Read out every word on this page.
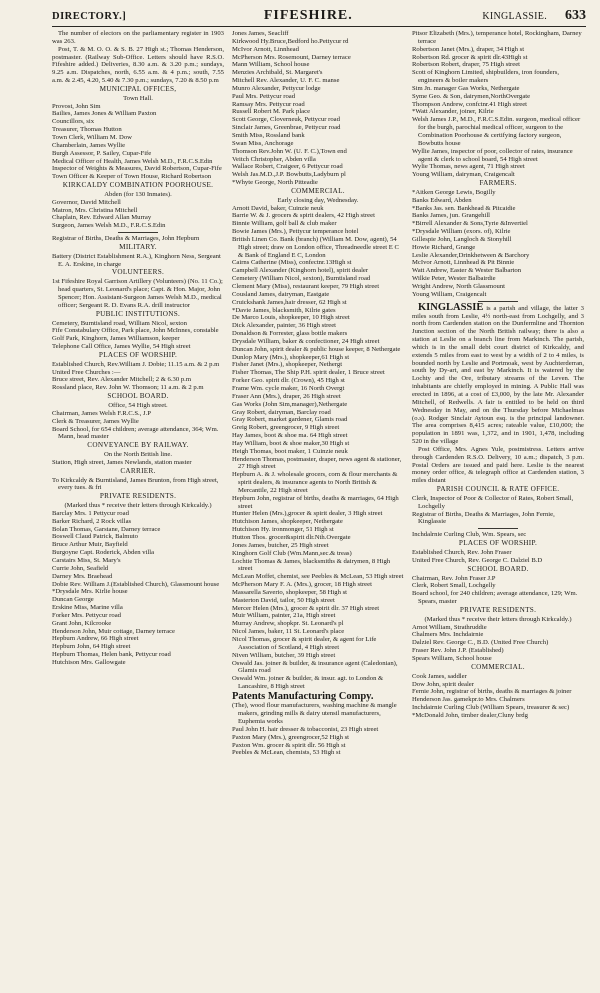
DIRECTORY.]	FIFESHIRE.	KINGLASSIE. 633

The number of electors on the parliamentary register in 1903 was 263.

Post, T. & M. O. O. & S. B. 27 High st.; Thomas Henderson, postmaster. (Railway Sub-Office. Letters should have R.S.O. Fifeshire added.) Deliveries, 8.30 a.m. & 3.20 p.m.; sundays, 9.25 a.m. Dispatches, north, 6.55 a.m. & 4 p.m.; south, 7.55 a.m. & 2.45, 4.20, 5.40 & 7.30 p.m.; sundays, 7.20 & 8.50 p.m

MUNICIPAL OFFICES,

Town Hall.

Provost, John Sim

Bailies, James Jones & William Paxton

Councillors, six

Treasurer, Thomas Hutton

Town Clerk, William M. Dow

Chamberlain, James Wyllie

Burgh Assessor, P. Sailey, Cupar-Fife

Medical Officer of Health, James Welsh M.D., F.R.C.S.Edin

Inspector of Weights & Measures, David Robertson, Cupar-Fife

Town Officer & Keeper of Town House, Richard Robertson

KIRKCALDY COMBINATION POORHOUSE.

Abden (for 130 Inmates).

Governor, David Mitchell

Matron, Mrs. Christina Mitchell

Chaplain, Rev. Edward Allan Murray

Surgeon, James Welsh M.D., F.R.C.S.Edin

Registrar of Births, Deaths & Marriages, John Hepburn

MILITARY.

Battery (District Establishment R.A.), Kinghorn Ness, Sergeant E. A. Erskine, in charge

VOLUNTEERS.

1st Fifeshire Royal Garrison Artillery (Volunteers) (No. 11 Co.); head quarters, St. Leonard's place; Capt. & Hon. Major, John Spencer; Hon. Assistant-Surgeon James Welsh M.D., medical officer; Sergeant R. D. Evans R.A. drill instructor

PUBLIC INSTITUTIONS.

Cemetery, Burntisland road, William Nicol, sexton

Fife Constabulary Office, Park place, John McInnes, constable

Golf Park, Kinghorn, James Williamson, keeper

Telephone Call Office, James Wyllie, 54 High street

PLACES OF WORSHIP.

Established Church, Rev.William J. Dobie; 11.15 a.m. & 2 p.m

United Free Churches :—

Bruce street, Rev. Alexander Mitchell; 2 & 6.30 p.m

Rossland place, Rev. John W. Thomson; 11 a.m. & 2 p.m

SCHOOL BOARD.

Office, 54 High street.

Chairman, James Welsh F.R.C.S., J.P

Clerk & Treasurer, James Wyllie

Board School, for 654 children; average attendance, 364; Wm. Mann, head master

CONVEYANCE BY RAILWAY.

On the North British line.

Station, High street, James Newlands, station master

CARRIER.

To Kirkcaldy & Burntisland, James Brunton, from High street, every tues. & fri

PRIVATE RESIDENTS.

(Marked thus * receive their letters through Kirkcaldy.)

Barclay Mrs. 1 Pettycur road

Barker Richard, 2 Rock villas

Bolan Thomas, Garstane, Darney terrace

Boswell Claud Patrick, Balmuto

Bruce Arthur Muir, Bayfield

Burgoyne Capt. Roderick, Abden villa

Carstairs Miss, St. Mary's

Currie John, Seafield

Darney Mrs. Braehead

Dobie Rev. William J.(Established Church), Glassmount house

*Drysdale Mrs. Kirlie house

Duncan George

Erskine Miss, Marine villa

Forker Mrs. Pettycur road

Grant John, Kilcrooke

Henderson John, Muir cottage, Darney terrace

Hepburn Andrew, 66 High street

Hepburn John, 64 High street

Hepburn Thomas, Helen bank, Pettycur road

Hutchison Mrs. Gallowgate

Jones James, Seacliff

Kirkwood Hy.Bruce,Bedford ho.Pettycur rd

McIvor Arnott, Linnhead

McPherson Mrs. Rosemount, Darney terrace

Mann William, School house

Menzies Archibald, St. Margaret's

Mitchell Rev. Alexander, U. F. C. manse

Munro Alexander, Pettycur lodge

Paul Mrs. Pettycur road

Ramsay Mrs. Pettycur road

Russell Robert M. Park place

Scott George, Cloverneuk, Pettycur road

Sinclair James, Greenbrae, Pettycur road

Smith Miss, Rossland bank

Swan Miss, Anchorage

Thomson Rev.John W. (U. F. C.),Town end

Veitch Christopher, Abden villa

Wallace Robert, Craigeer, 6 Pettycur road

Welsh Jas.M.D.,J.P. Bowbutts,Ladyburn pl

*Whyte George, North Pitteadie

COMMERCIAL.

Early closing day, Wednesday.

Arnott David, baker, Cuinzie neuk

Barrie W. & J. grocers & spirit dealers, 42 High street

Binnie William, golf ball & club maker

Bowie James (Mrs.), Pettycur temperance hotel

British Linen Co. Bank (branch) (William M. Dow, agent), 54 High street; draw on London office, Threadneedle street E C & Bank of England E C, London

Cairns Catherine (Miss), confectnr.13High st

Campbell Alexander (Kinghorn hotel), spirit dealer

Cemetery (William Nicol, sexton), Burntisland road

Clement Mary (Miss), restaurant keeper, 79 High street

Cousland James, dairyman, Eastgate

Cruickshank James,hair dresser, 62 High st

*Davie James, blacksmith, Kilrie gates

De Marco Louis, shopkeeper, 10 High street

Dick Alexander, painter, 36 High street

Donaldson & Forrester, glass bottle makers

Drysdale William, baker & confectioner, 24 High street

Duncan John, spirit dealer & public house keeper, 8 Nethergate

Dunlop Mary (Mrs.), shopkeeper,61 High st

Fisher Janet (Mrs.), shopkeeper, Nethergt

Fisher Thomas, The Ship P.H. spirit dealer, 1 Bruce street

Forker Geo. spirit dlr. (Crown), 45 High st

Frame Wm. cycle maker, 16 North Overgt

Fraser Ann (Mrs.), draper, 26 High street

Gas Works (John Sim,manager),Nethergate

Gray Robert, dairyman, Barclay road

Gray Robert, market gardener, Glamis road

Greig Robert, greengrocer, 9 High street

Hay James, boot & shoe ma. 64 High street

Hay William, boot & shoe maker,30 High st

Heigh Thomas, boot maker, 1 Cuinzie neuk

Henderson Thomas, postmaster, draper, news agent & stationer, 27 High street

Hepburn A. & J. wholesale grocers, corn & flour merchants & spirit dealers, & insurance agents to North British & Mercantile, 22 High street

Hepburn John, registrar of births, deaths & marriages, 64 High street

Hunter Helen (Mrs.),grocer & spirit dealer, 3 High street

Hutchison James, shopkeeper, Nethergate

Hutchison Hy. ironmonger, 51 High st

Hutton Thos. grocer&spirit dlr.Nth.Overgate

Jones James, butcher, 25 High street

Kinghorn Golf Club (Wm.Mann,sec.& treas)

Lochtie Thomas & James, blacksmiths & dairymen, 8 High street

McLean Moffet, chemist, see Peebles & McLean, 53 High street

McPherson Mary F. A. (Mrs.), grocer, 18 High street

Massarella Saverio, shopkeeper, 58 High st

Masterton David, tailor, 50 High street

Mercer Helen (Mrs.), grocer & spirit dlr. 37 High street

Muir William, painter, 21a, High street

Murray Andrew, shopkpr. St. Leonard's pl

Nicol James, baker, 11 St. Leonard's place

Nicol Thomas, grocer & spirit dealer, & agent for Life Association of Scotland, 4 High street

Niven William, butcher, 39 High street

Oswald Jas. joiner & builder, & insurance agent (Caledonian), Glamis road

Oswald Wm. joiner & builder, & insur. agt. to London & Lancashire, 8 High street

Patents Manufacturing Compy.

(The), wood flour manufacturers, washing machine & mangle makers, grinding mills & dairy utensil manufacturers, Euphemia works

Paul John H. hair dresser & tobacconist, 23 High street

Paxton Mary (Mrs.), greengrocer,52 High st

Paxton Wm. grocer & spirit dlr. 56 High st

Peebles & McLean, chemists, 53 High st

Pitsor Elizabeth (Mrs.), temperance hotel, Rockingham, Darney terrace

Robertson Janet (Mrs.), draper, 34 High st

Robertson Rd. grocer & spirit dlr.43High st

Robertson Robert, draper, 75 High street

Scott of Kinghorn Limited, shipbuilders, iron founders, engineers & boiler makers

Sim Jn. manager Gas Works, Nethergate

Syme Geo. & Son, dairymen,NorthOvergate

Thompson Andrew, confctnr.41 High street

*Watt Alexander, joiner, Kilrie

Welsh James J.P., M.D., F.R.C.S.Edin. surgeon, medical officer for the burgh, parochial medical officer, surgeon to the Combination Poorhouse & certifying factory surgeon, Bowbutts house

Wyllie James, inspector of poor, collector of rates, insurance agent & clerk to school board, 54 High street

Wylie Thomas, news agent, 71 High street

Young William, dairyman, Craigencalt

FARMERS.

*Aitken George Lewis, Bogilly

Banks Edward, Abden

*Banks Jas. sen. Bankhead & Pitcaidie

Banks James, jun. Grangehill

*Birrell Alexander & Sons,Tyrie &Invertiel

*Drysdale William (exors. of), Kilrie

Gillespie John, Langloch & Stonyhill

Howie Richard, Grange

Leslie Alexander,Drinkhetween & Barchory

McIvor Arnott, Linnhead & Pit Binnie

Watt Andrew, Easter & Wester Balbarton

Wilkie Peter, Wester Balbairdie

Wright Andrew, North Glassmount

Young William, Craigencalt

KINGLASSIE is a parish and village, the latter 3 miles south from Leslie, 4½ north-east from Lochgelly, and 3 north from Cardenden station on the Dunfermline and Thornton Junction section of the North British railway; there is also a station at Leslie on a branch line from Markinch. The parish, which is in the small debt court district of Kirkcaldy, and extends 5 miles from east to west by a width of 2 to 4 miles, is bounded north by Leslie and Portmoak, west by Auchterderran, south by Dy-art, and east by Markinch. It is watered by the Lochty and the Ore, tributary streams of the Leven. The inhabitants are chiefly employed in mining. A Public Hall was erected in 1896, at a cost of £3,000, by the late Mr. Alexander Mitchell, of Redwells. A fair is entitled to be held on third Wednesday in May, and on the Thursday before Michaelmas (o.s). Rodger Sinclair Aytoun esq. is the principal landowner. The area comprises 8,415 acres; rateable value, £10,000; the population in 1891 was, 1,372, and in 1901, 1,478, including 520 in the village

Post Office, Mrs. Agnes Yule, postmistress. Letters arrive through Cardenden R.S.O. Delivery, 10 a.m.; dispatch, 3 p.m. Postal Orders are issued and paid here. Leslie is the nearest money order office, & telegraph office at Cardenden station, 3 miles distant

PARISH COUNCIL & RATE OFFICE.

Clerk, Inspector of Poor & Collector of Rates, Robert Small, Lochgelly

Registrar of Births, Deaths & Marriages, John Fernie, Kinglassie

Inchdalrnie Curling Club, Wm. Spears, sec

PLACES OF WORSHIP.

Established Church, Rev. John Fraser

United Free Church, Rev. George C. Dalziel B.D

SCHOOL BOARD.

Chairman, Rev. John Fraser J.P

Clerk, Robert Small, Lochgelly

Board school, for 240 children; average attendance, 129; Wm. Spears, master

PRIVATE RESIDENTS.

(Marked thus * receive their letters through Kirkcaldy.)

Arnot William, Strathruddie

Chalmers Mrs. Inchdairnie

Dalziel Rev. George C., B.D. (United Free Church)

Fraser Rev. John J.P. (Established)

Spears William, School house

COMMERCIAL.

Cook James, saddler

Dow John, spirit dealer

Fernie John, registrar of births, deaths & marriages & joiner

Henderson Jas. gamekpr.to Mrs. Chalmers

Inchdairnie Curling Club (William Spears, treasurer & sec)

*McDonald John, timber dealer,Cluny brdg
